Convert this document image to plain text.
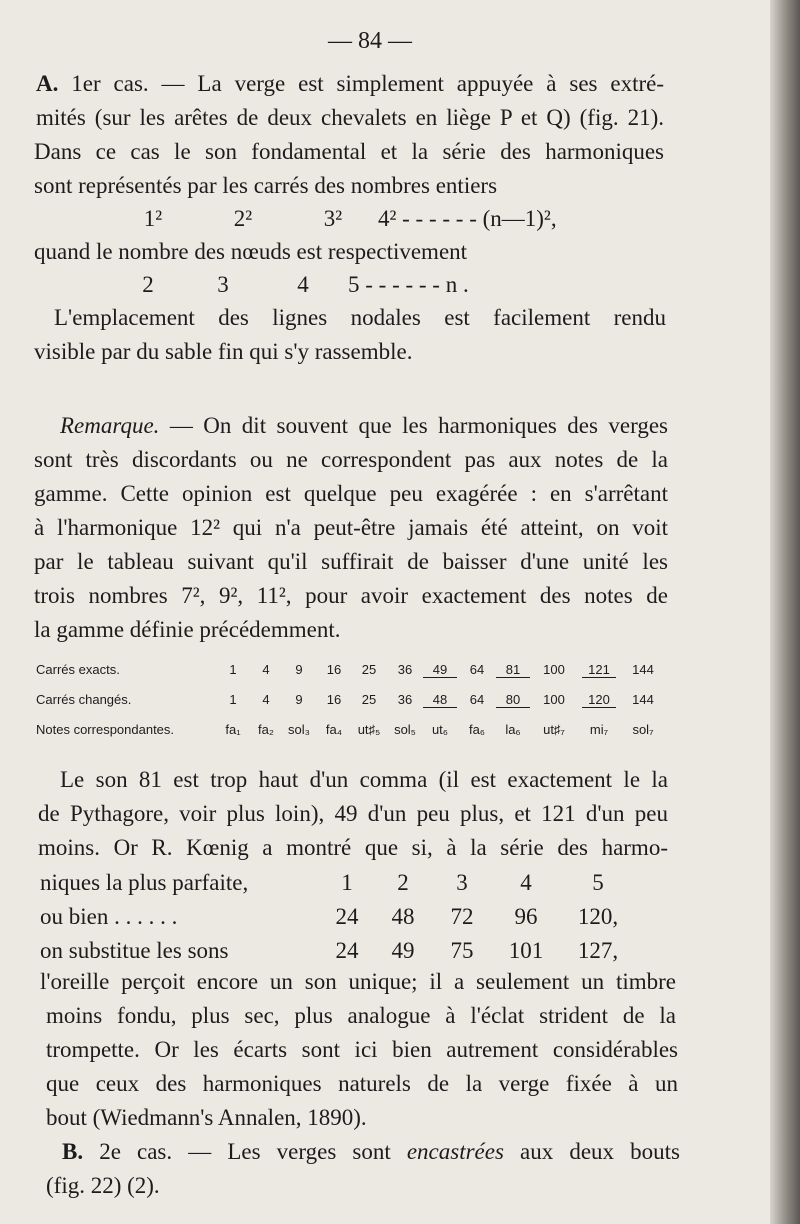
— 84 —
A. 1er cas. — La verge est simplement appuyée à ses extré-
mités (sur les arêtes de deux chevalets en liège P et Q) (fig. 21).
Dans ce cas le son fondamental et la série des harmoniques
sont représentés par les carrés des nombres entiers
1²	2²	3²	4² - - - - - - (n—1)²,
quand le nombre des nœuds est respectivement
2	3	4	5 - - - - - - n .
L'emplacement des lignes nodales est facilement rendu
visible par du sable fin qui s'y rassemble.
Remarque. — On dit souvent que les harmoniques des verges
sont très discordants ou ne correspondent pas aux notes de la
gamme. Cette opinion est quelque peu exagérée : en s'arrêtant
à l'harmonique 12² qui n'a peut-être jamais été atteint, on voit
par le tableau suivant qu'il suffirait de baisser d'une unité les
trois nombres 7², 9², 11², pour avoir exactement des notes de
la gamme définie précédemment.
Carrés exacts.	1	4	9	16	25	36	49	64	81	100	121	144
Carrés changés.	1	4	9	16	25	36	48	64	80	100	120	144
Notes correspondantes.	fa₁	fa₂	sol₃	fa₄	ut♯₅	sol₅	ut₆	fa₆	la₆	ut♯₇	mi₇	sol₇
Le son 81 est trop haut d'un comma (il est exactement le la
de Pythagore, voir plus loin), 49 d'un peu plus, et 121 d'un peu
moins. Or R. Kœnig a montré que si, à la série des harmo-
niques la plus parfaite,	1	2	3	4	5
ou bien . . . . . .	24	48	72	96	120,
on substitue les sons	24	49	75	101	127,
l'oreille perçoit encore un son unique; il a seulement un timbre
moins fondu, plus sec, plus analogue à l'éclat strident de la
trompette. Or les écarts sont ici bien autrement considérables
que ceux des harmoniques naturels de la verge fixée à un
bout (Wiedmann's Annalen, 1890).
B. 2e cas. — Les verges sont encastrées aux deux bouts
(fig. 22) (2).
